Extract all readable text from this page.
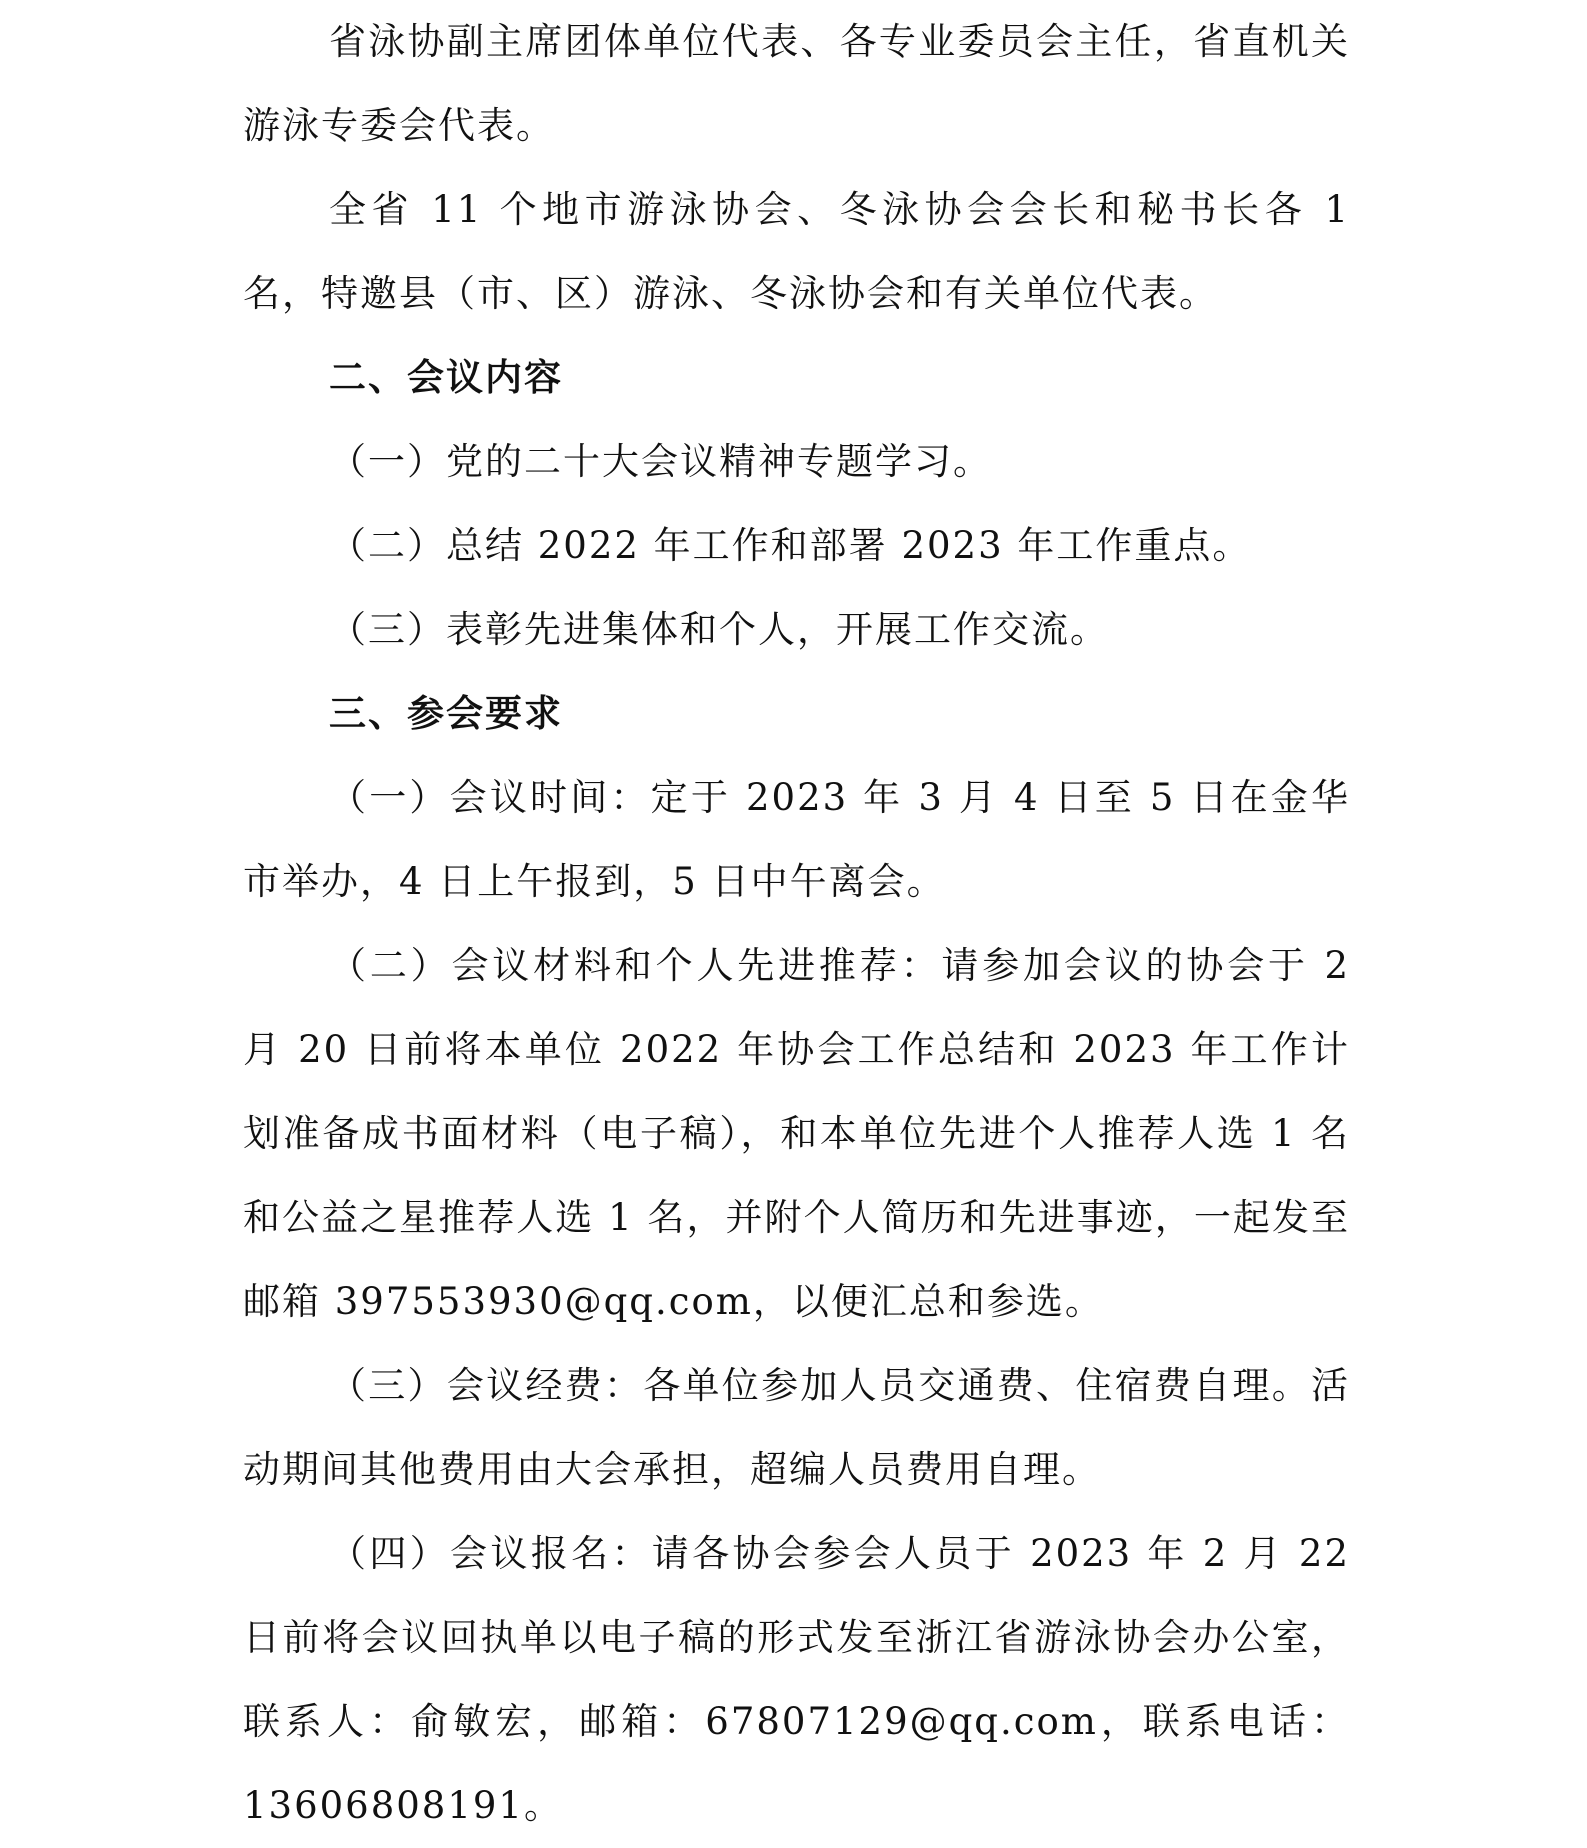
省泳协副主席团体单位代表、各专业委员会主任，省直机关游泳专委会代表。

全省 11 个地市游泳协会、冬泳协会会长和秘书长各 1 名，特邀县（市、区）游泳、冬泳协会和有关单位代表。

二、会议内容

（一）党的二十大会议精神专题学习。

（二）总结 2022 年工作和部署 2023 年工作重点。

（三）表彰先进集体和个人，开展工作交流。

三、参会要求

（一）会议时间：定于 2023 年 3 月 4 日至 5 日在金华市举办，4 日上午报到，5 日中午离会。

（二）会议材料和个人先进推荐：请参加会议的协会于 2 月 20 日前将本单位 2022 年协会工作总结和 2023 年工作计划准备成书面材料（电子稿），和本单位先进个人推荐人选 1 名和公益之星推荐人选 1 名，并附个人简历和先进事迹，一起发至邮箱 397553930@qq.com，以便汇总和参选。

（三）会议经费：各单位参加人员交通费、住宿费自理。活动期间其他费用由大会承担，超编人员费用自理。

（四）会议报名：请各协会参会人员于 2023 年 2 月 22 日前将会议回执单以电子稿的形式发至浙江省游泳协会办公室，联系人：俞敏宏，邮箱：67807129@qq.com，联系电话：13606808191。
